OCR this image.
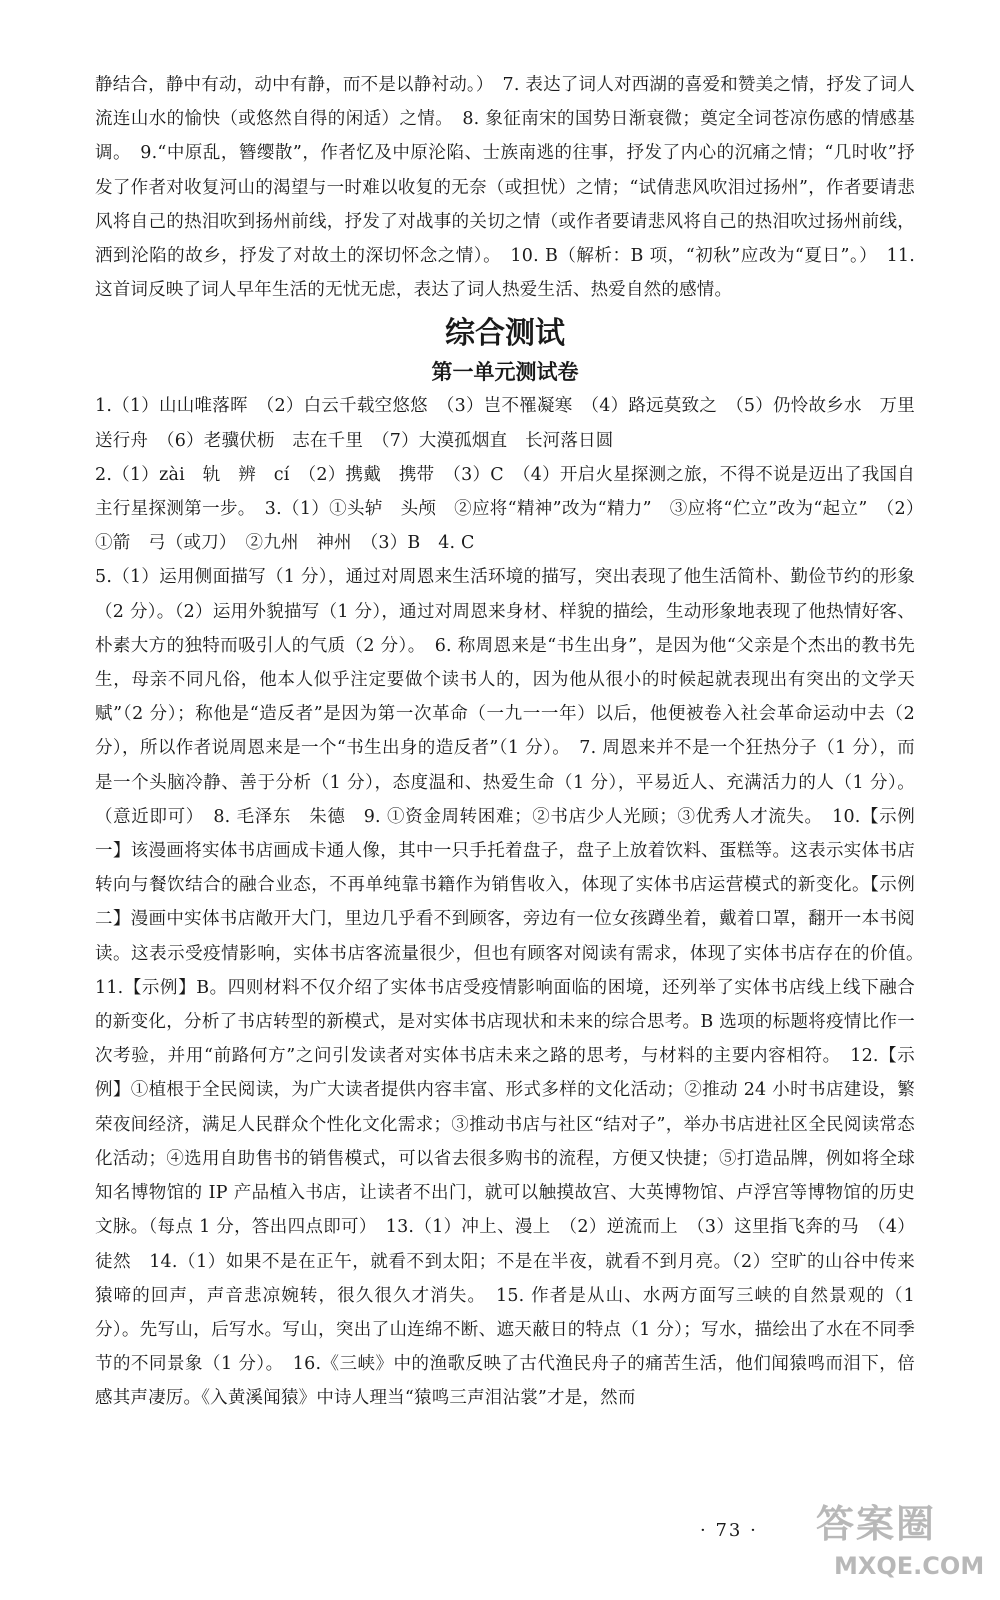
静结合，静中有动，动中有静，而不是以静衬动。）　7. 表达了词人对西湖的喜爱和赞美之情，抒发了词人流连山水的愉快（或悠然自得的闲适）之情。　8. 象征南宋的国势日渐衰微；奠定全词苍凉伤感的情感基调。　9.“中原乱，簪缨散”，作者忆及中原沦陷、士族南逃的往事，抒发了内心的沉痛之情；“几时收”抒发了作者对收复河山的渴望与一时难以收复的无奈（或担忧）之情；“试倩悲风吹泪过扬州”，作者要请悲风将自己的热泪吹到扬州前线，抒发了对战事的关切之情（或作者要请悲风将自己的热泪吹过扬州前线，洒到沦陷的故乡，抒发了对故土的深切怀念之情）。　10. B（解析：B 项，“初秋”应改为“夏日”。）　11. 这首词反映了词人早年生活的无忧无虑，表达了词人热爱生活、热爱自然的感情。

综合测试
第一单元测试卷

1.（1）山山唯落晖　（2）白云千载空悠悠　（3）岂不罹凝寒　（4）路远莫致之　（5）仍怜故乡水　万里送行舟　（6）老骥伏枥　志在千里　（7）大漠孤烟直　长河落日圆

2.（1）zài　轨　辨　cí　（2）携戴　携带　（3）C　（4）开启火星探测之旅，不得不说是迈出了我国自主行星探测第一步。　3.（1）①头轳　头颅　②应将“精神”改为“精力”　③应将“伫立”改为“起立”　（2）①箭　弓（或刀）　②九州　神州　（3）B　4. C

5.（1）运用侧面描写（1 分），通过对周恩来生活环境的描写，突出表现了他生活简朴、勤俭节约的形象（2 分）。（2）运用外貌描写（1 分），通过对周恩来身材、样貌的描绘，生动形象地表现了他热情好客、朴素大方的独特而吸引人的气质（2 分）。　6. 称周恩来是“书生出身”，是因为他“父亲是个杰出的教书先生，母亲不同凡俗，他本人似乎注定要做个读书人的，因为他从很小的时候起就表现出有突出的文学天赋”（2 分）；称他是“造反者”是因为第一次革命（一九一一年）以后，他便被卷入社会革命运动中去（2 分），所以作者说周恩来是一个“书生出身的造反者”（1 分）。　7. 周恩来并不是一个狂热分子（1 分），而是一个头脑冷静、善于分析（1 分），态度温和、热爱生命（1 分），平易近人、充满活力的人（1 分）。（意近即可）　8. 毛泽东　朱德　9. ①资金周转困难；②书店少人光顾；③优秀人才流失。　10.【示例一】该漫画将实体书店画成卡通人像，其中一只手托着盘子，盘子上放着饮料、蛋糕等。这表示实体书店转向与餐饮结合的融合业态，不再单纯靠书籍作为销售收入，体现了实体书店运营模式的新变化。【示例二】漫画中实体书店敞开大门，里边几乎看不到顾客，旁边有一位女孩蹲坐着，戴着口罩，翻开一本书阅读。这表示受疫情影响，实体书店客流量很少，但也有顾客对阅读有需求，体现了实体书店存在的价值。　11.【示例】B。四则材料不仅介绍了实体书店受疫情影响面临的困境，还列举了实体书店线上线下融合的新变化，分析了书店转型的新模式，是对实体书店现状和未来的综合思考。B 选项的标题将疫情比作一次考验，并用“前路何方”之问引发读者对实体书店未来之路的思考，与材料的主要内容相符。　12.【示例】①植根于全民阅读，为广大读者提供内容丰富、形式多样的文化活动；②推动 24 小时书店建设，繁荣夜间经济，满足人民群众个性化文化需求；③推动书店与社区“结对子”，举办书店进社区全民阅读常态化活动；④选用自助售书的销售模式，可以省去很多购书的流程，方便又快捷；⑤打造品牌，例如将全球知名博物馆的 IP 产品植入书店，让读者不出门，就可以触摸故宫、大英博物馆、卢浮宫等博物馆的历史文脉。（每点 1 分，答出四点即可）　13.（1）冲上、漫上　（2）逆流而上　（3）这里指飞奔的马　（4）徒然　14.（1）如果不是在正午，就看不到太阳；不是在半夜，就看不到月亮。（2）空旷的山谷中传来猿啼的回声，声音悲凉婉转，很久很久才消失。　15. 作者是从山、水两方面写三峡的自然景观的（1 分）。先写山，后写水。写山，突出了山连绵不断、遮天蔽日的特点（1 分）；写水，描绘出了水在不同季节的不同景象（1 分）。　16.《三峡》中的渔歌反映了古代渔民舟子的痛苦生活，他们闻猿鸣而泪下，倍感其声凄厉。《入黄溪闻猿》中诗人理当“猿鸣三声泪沾裳”才是，然而

· 73 · 答案圈
MXQE.COM
